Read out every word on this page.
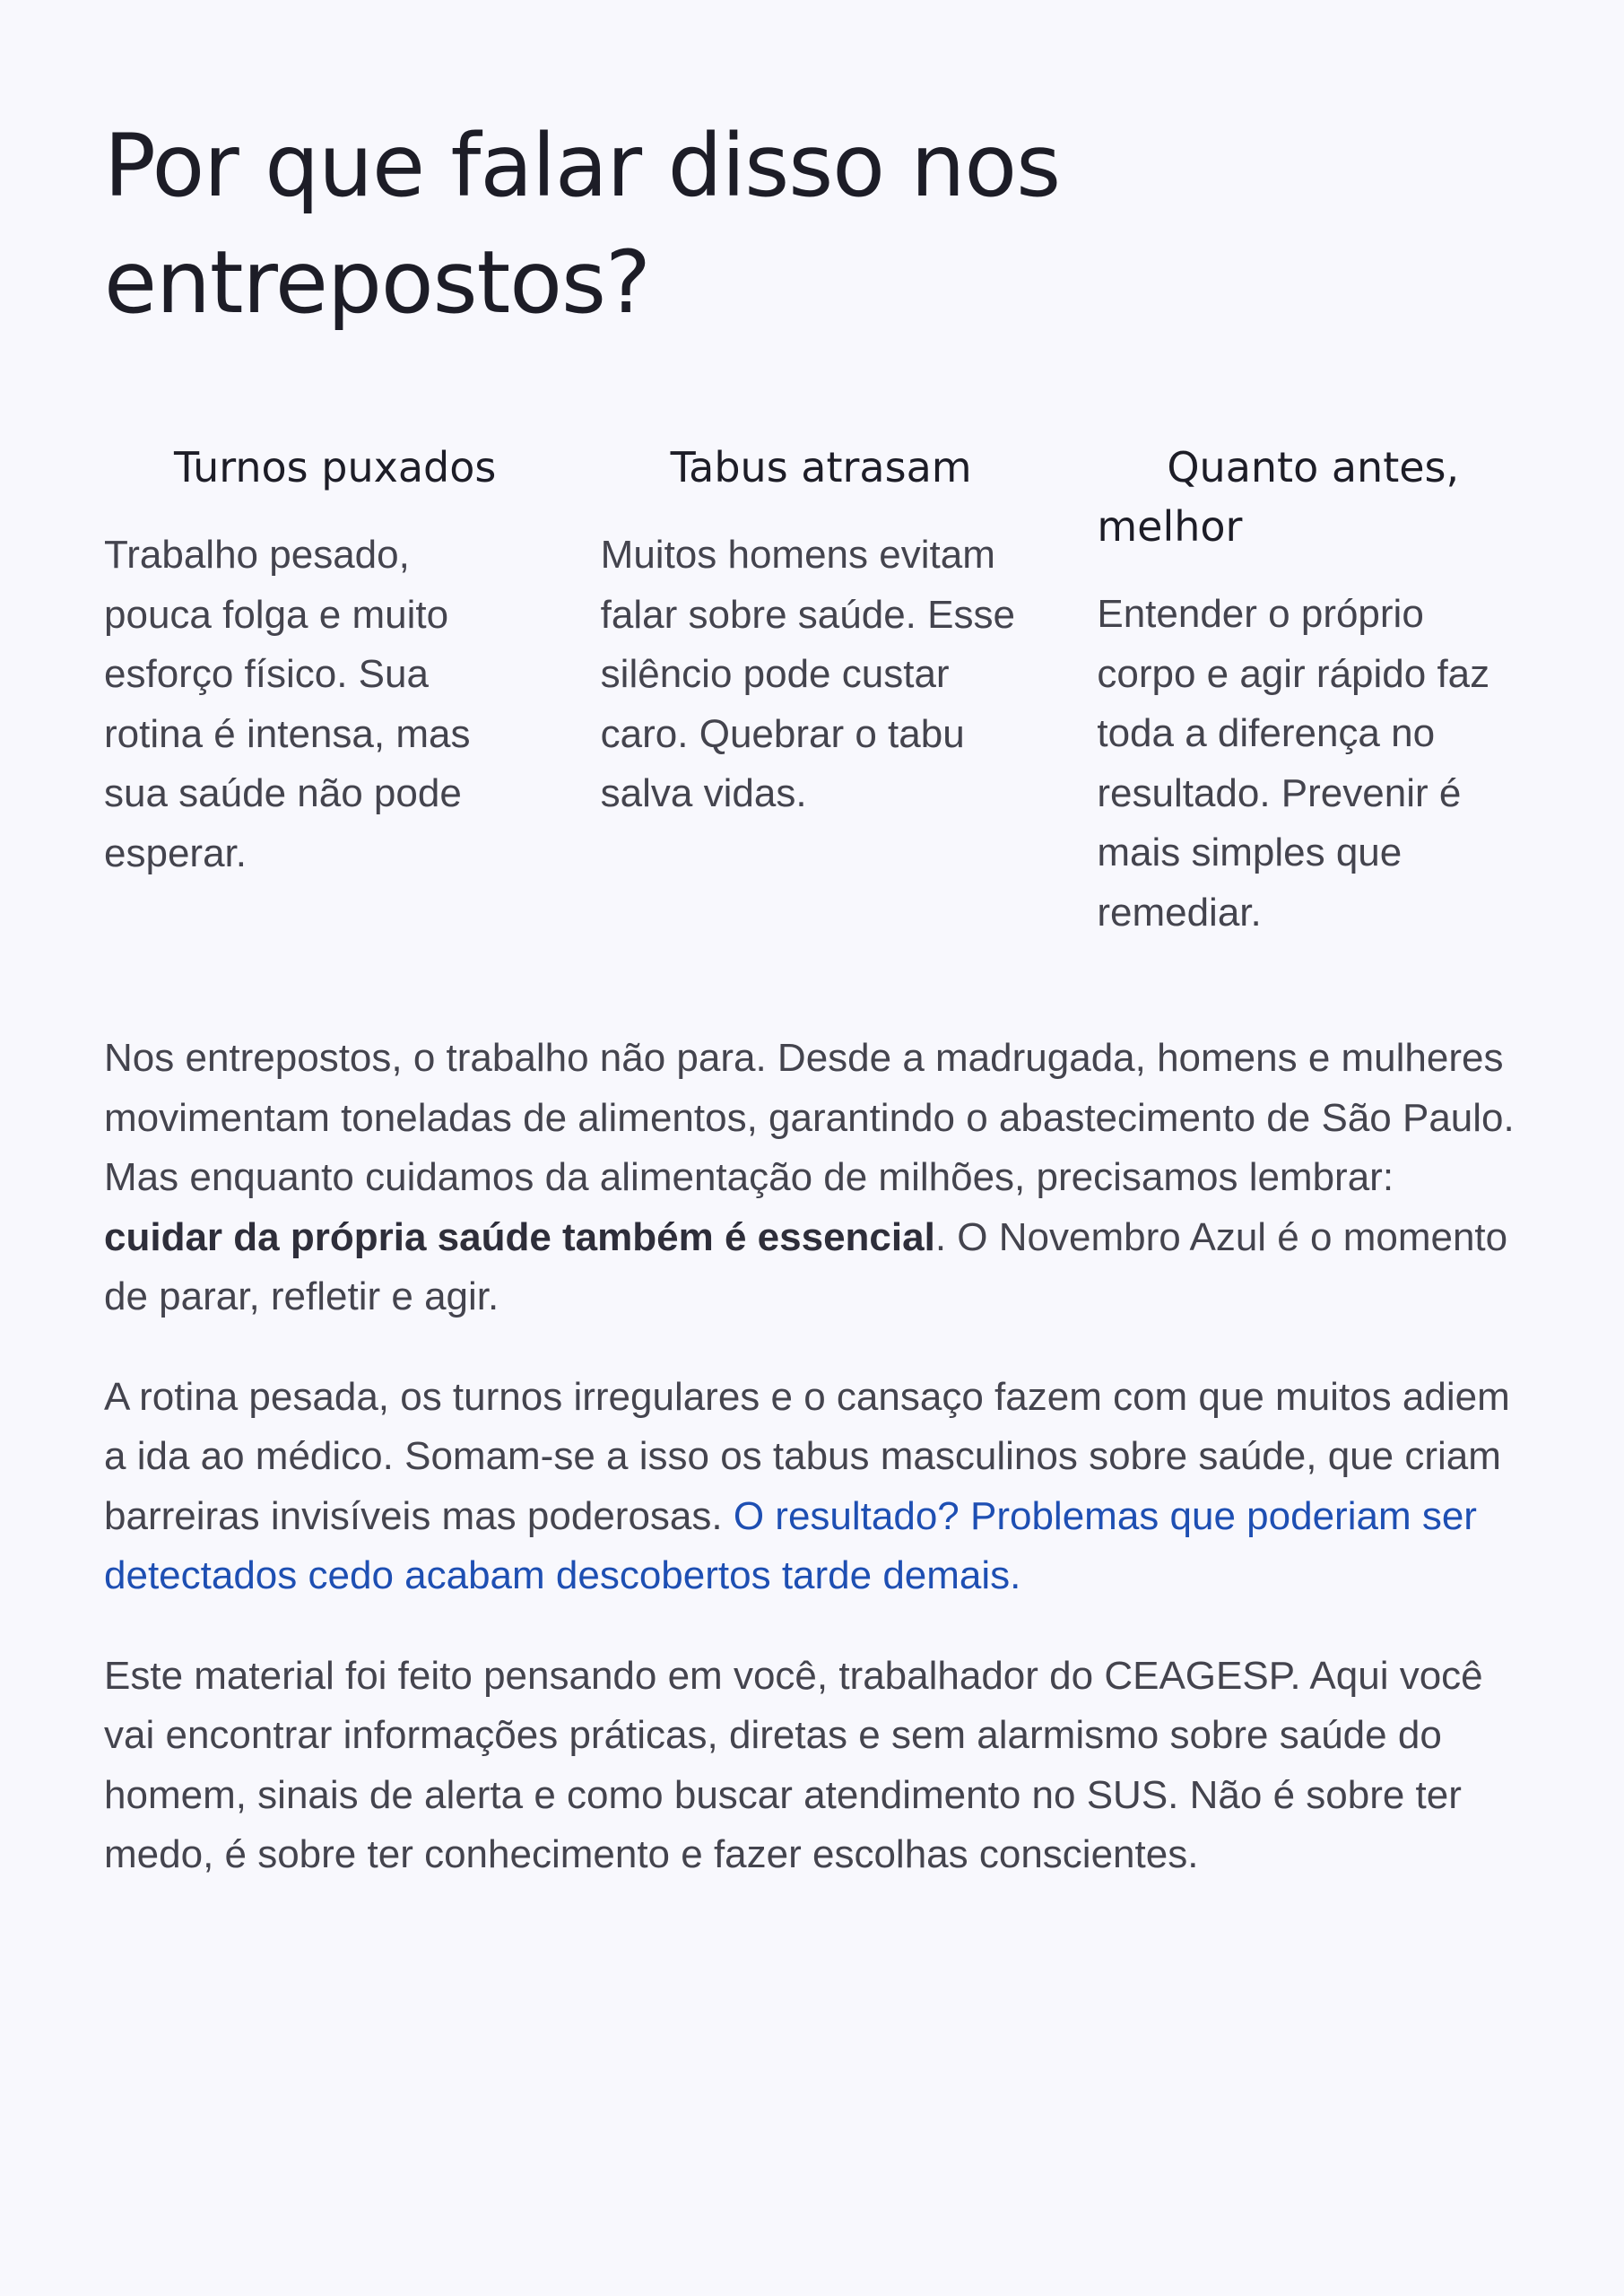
Por que falar disso nos entrepostos?
Turnos puxados

Trabalho pesado, pouca folga e muito esforço físico. Sua rotina é intensa, mas sua saúde não pode esperar.

Tabus atrasam

Muitos homens evitam falar sobre saúde. Esse silêncio pode custar caro. Quebrar o tabu salva vidas.

Quanto antes, melhor

Entender o próprio corpo e agir rápido faz toda a diferença no resultado. Prevenir é mais simples que remediar.

Nos entrepostos, o trabalho não para. Desde a madrugada, homens e mulheres movimentam toneladas de alimentos, garantindo o abastecimento de São Paulo. Mas enquanto cuidamos da alimentação de milhões, precisamos lembrar: cuidar da própria saúde também é essencial. O Novembro Azul é o momento de parar, refletir e agir.

A rotina pesada, os turnos irregulares e o cansaço fazem com que muitos adiem a ida ao médico. Somam-se a isso os tabus masculinos sobre saúde, que criam barreiras invisíveis mas poderosas. O resultado? Problemas que poderiam ser detectados cedo acabam descobertos tarde demais.

Este material foi feito pensando em você, trabalhador do CEAGESP. Aqui você vai encontrar informações práticas, diretas e sem alarmismo sobre saúde do homem, sinais de alerta e como buscar atendimento no SUS. Não é sobre ter medo, é sobre ter conhecimento e fazer escolhas conscientes.
